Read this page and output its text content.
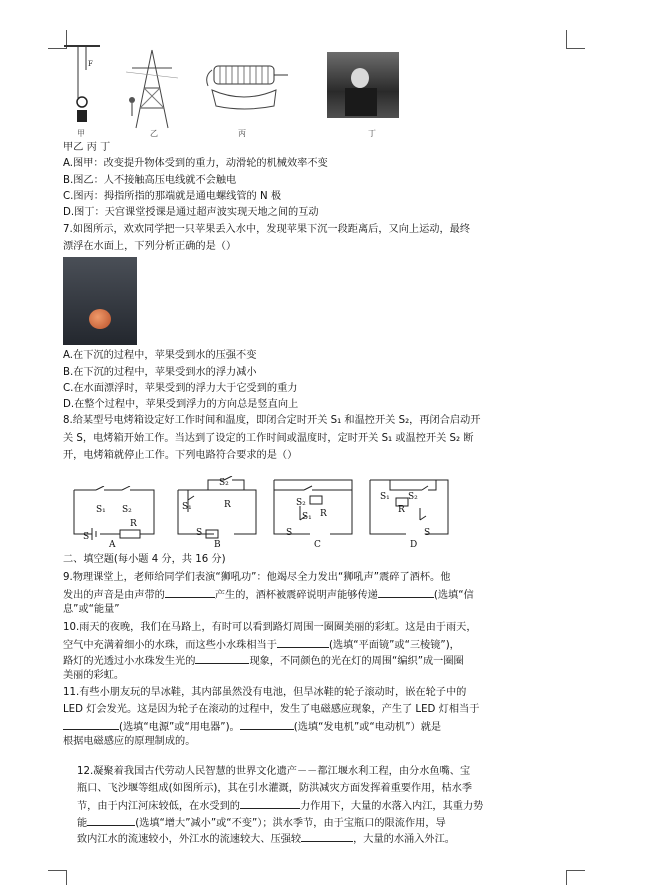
F
甲	乙	丙	丁
甲乙 丙 丁
A.图甲：改变提升物体受到的重力，动滑轮的机械效率不变
B.图乙：人不接触高压电线就不会触电
C.图丙：拇指所指的那端就是通电螺线管的 N 极
D.图丁：天宫课堂授课是通过超声波实现天地之间的互动
7.如图所示，欢欢同学把一只苹果丢入水中，发现苹果下沉一段距离后，又向上运动，最终
漂浮在水面上，下列分析正确的是（）
A.在下沉的过程中，苹果受到水的压强不变
B.在下沉的过程中，苹果受到水的浮力减小
C.在水面漂浮时，苹果受到的浮力大于它受到的重力
D.在整个过程中，苹果受到浮力的方向总是竖直向上
8.给某型号电烤箱设定好工作时间和温度，即闭合定时开关 S₁ 和温控开关 S₂，再闭合启动开
关 S，电烤箱开始工作。当达到了设定的工作时间或温度时，定时开关 S₁ 或温控开关 S₂ 断
开，电烤箱就停止工作。下列电路符合要求的是（）
S₁ S₂
R
S
A
S₂
S₁	R
S
B
S₂
S₁ R
S
C
S₁ S₂
R
S
D
二、填空题(每小题 4 分，共 16 分)
9.物理课堂上，老师给同学们表演“狮吼功”：他竭尽全力发出“狮吼声”震碎了酒杯。他
发出的声音是由声带的	产生的，酒杯被震碎说明声能够传递	(选填“信
息”或“能量”
10.雨天的夜晚，我们在马路上，有时可以看到路灯周围一圈圈美丽的彩虹。这是由于雨天，
空气中充满着细小的水珠，而这些小水珠相当于	(选填“平面镜”或“三棱镜”)，
路灯的光透过小水珠发生光的	现象，不同颜色的光在灯的周围“编织”成一圈圈
美丽的彩虹。
11.有些小朋友玩的旱冰鞋，其内部虽然没有电池，但旱冰鞋的轮子滚动时，嵌在轮子中的
LED 灯会发光。这是因为轮子在滚动的过程中，发生了电磁感应现象，产生了 LED 灯相当于
(选填“电源”或“用电器”)。	(选填“发电机”或“电动机”）就是
根据电磁感应的原理制成的。
12.凝聚着我国古代劳动人民智慧的世界文化遗产－－都江堰水利工程，由分水鱼嘴、宝
瓶口、飞沙堰等组成(如图所示)，其在引水灌溉，防洪减灾方面发挥着重要作用，枯水季
节，由于内江河床较低，在水受到的	力作用下，大量的水落入内江，其重力势
能	(选填“增大”减小”或“不变”）；洪水季节，由于宝瓶口的限流作用，导
致内江水的流速较小，外江水的流速较大、压强较	，大量的水涌入外江。
